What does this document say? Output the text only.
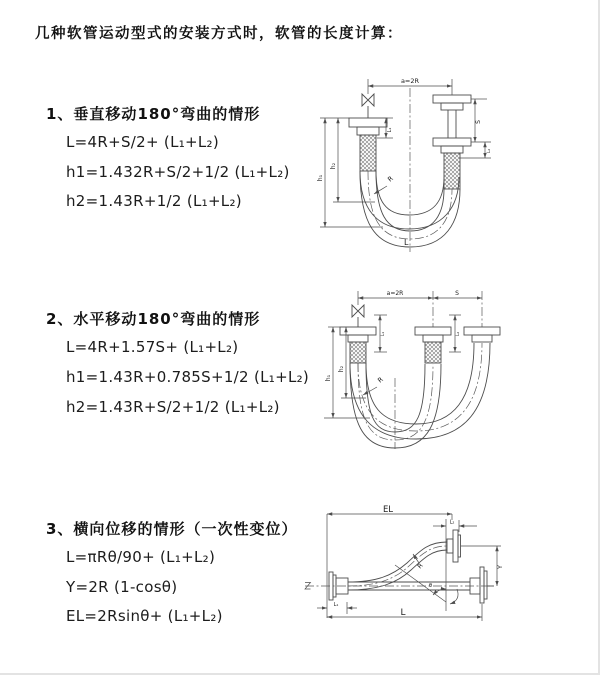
几种软管运动型式的安装方式时，软管的长度计算：
1、垂直移动180°弯曲的情形
L=4R+S/2+ (L₁+L₂)
h1=1.432R+S/2+1/2 (L₁+L₂)
h2=1.43R+1/2 (L₁+L₂)
2、水平移动180°弯曲的情形
L=4R+1.57S+ (L₁+L₂)
h1=1.43R+0.785S+1/2 (L₁+L₂)
h2=1.43R+S/2+1/2 (L₁+L₂)
3、横向位移的情形（一次性变位）
L=πRθ/90+ (L₁+L₂)
Y=2R (1-cosθ)
EL=2Rsinθ+ (L₁+L₂)
a=2R
L₁
S
L₂
h₁
h₂
R
L
a=2R	S
L₁	L₂
h₁
h₂
R
EL
L₂
Y
L₁
L
R
θ
